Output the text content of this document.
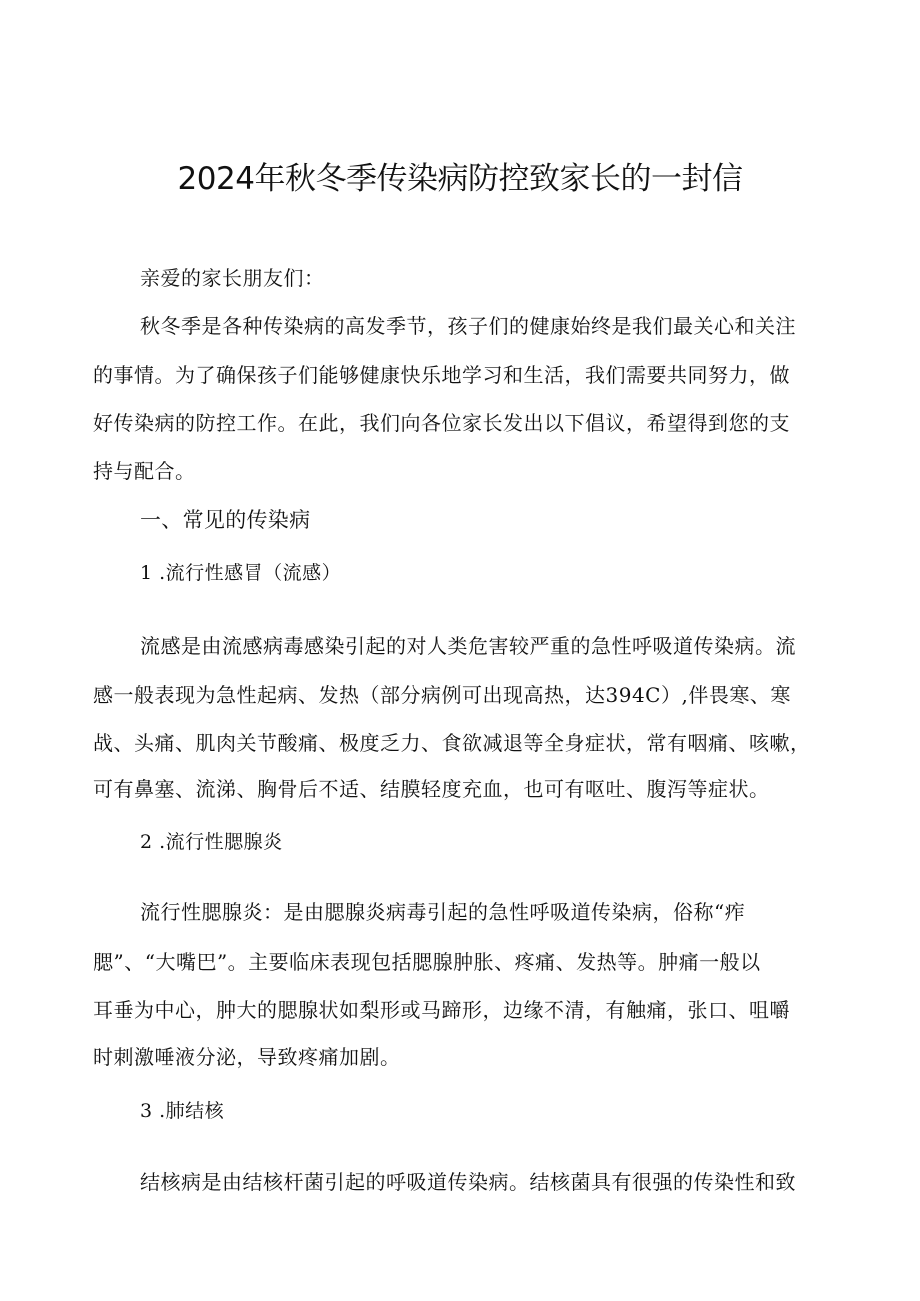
2024年秋冬季传染病防控致家长的一封信
亲爱的家长朋友们：
秋冬季是各种传染病的高发季节，孩子们的健康始终是我们最关心和关注
的事情。为了确保孩子们能够健康快乐地学习和生活，我们需要共同努力，做
好传染病的防控工作。在此，我们向各位家长发出以下倡议，希望得到您的支
持与配合。
一、常见的传染病
1 .流行性感冒（流感）
流感是由流感病毒感染引起的对人类危害较严重的急性呼吸道传染病。流
感一般表现为急性起病、发热（部分病例可出现高热，达394C）,伴畏寒、寒
战、头痛、肌肉关节酸痛、极度乏力、食欲减退等全身症状，常有咽痛、咳嗽，
可有鼻塞、流涕、胸骨后不适、结膜轻度充血，也可有呕吐、腹泻等症状。
2 .流行性腮腺炎
流行性腮腺炎：是由腮腺炎病毒引起的急性呼吸道传染病，俗称“痄
腮”、“大嘴巴”。主要临床表现包括腮腺肿胀、疼痛、发热等。肿痛一般以
耳垂为中心，肿大的腮腺状如梨形或马蹄形，边缘不清，有触痛，张口、咀嚼
时刺激唾液分泌，导致疼痛加剧。
3 .肺结核
结核病是由结核杆菌引起的呼吸道传染病。结核菌具有很强的传染性和致
